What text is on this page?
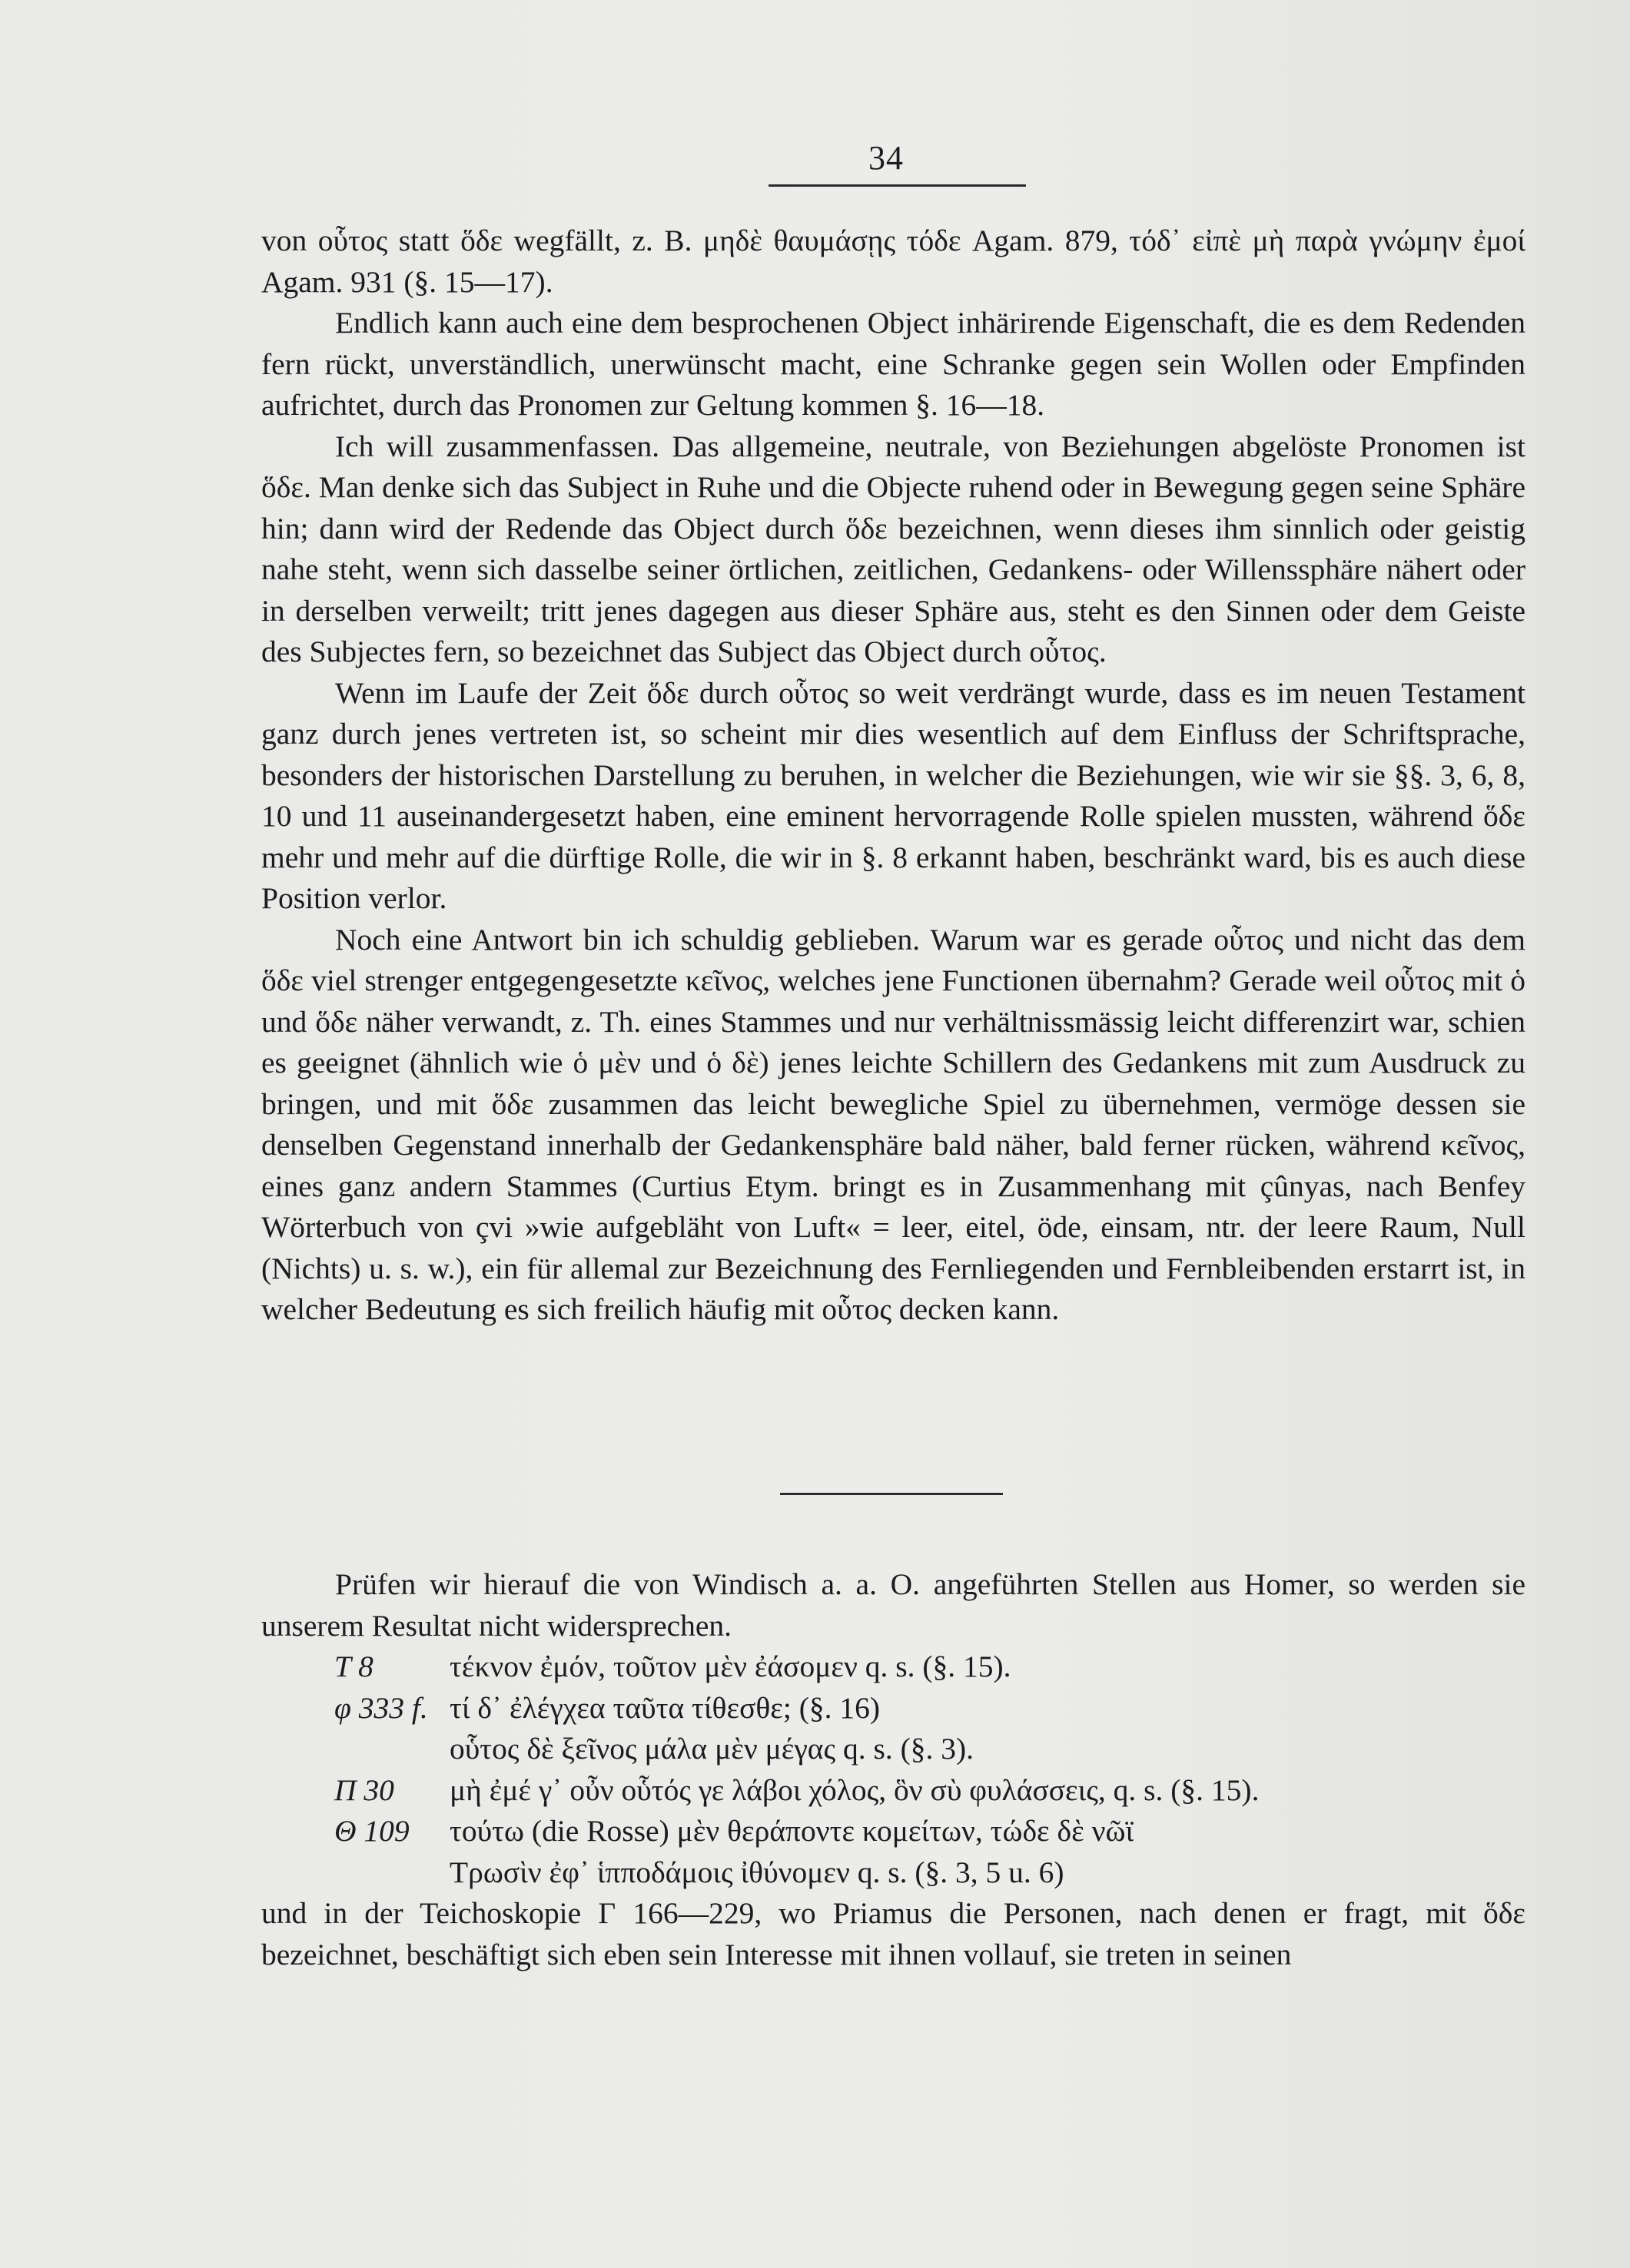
34

von οὗτος statt ὅδε wegfällt, z. B. μηδὲ θαυμάσῃς τόδε Agam. 879, τόδ᾽ εἰπὲ μὴ παρὰ γνώμην ἐμοί Agam. 931 (§. 15—17).

Endlich kann auch eine dem besprochenen Object inhärirende Eigenschaft, die es dem Redenden fern rückt, unverständlich, unerwünscht macht, eine Schranke gegen sein Wollen oder Empfinden aufrichtet, durch das Pronomen zur Geltung kommen §. 16—18.

Ich will zusammenfassen. Das allgemeine, neutrale, von Beziehungen abgelöste Pronomen ist ὅδε. Man denke sich das Subject in Ruhe und die Objecte ruhend oder in Bewegung gegen seine Sphäre hin; dann wird der Redende das Object durch ὅδε bezeichnen, wenn dieses ihm sinnlich oder geistig nahe steht, wenn sich dasselbe seiner örtlichen, zeitlichen, Gedankens- oder Willenssphäre nähert oder in derselben verweilt; tritt jenes dagegen aus dieser Sphäre aus, steht es den Sinnen oder dem Geiste des Subjectes fern, so bezeichnet das Subject das Object durch οὗτος.

Wenn im Laufe der Zeit ὅδε durch οὗτος so weit verdrängt wurde, dass es im neuen Testament ganz durch jenes vertreten ist, so scheint mir dies wesentlich auf dem Einfluss der Schriftsprache, besonders der historischen Darstellung zu beruhen, in welcher die Beziehungen, wie wir sie §§. 3, 6, 8, 10 und 11 auseinandergesetzt haben, eine eminent hervorragende Rolle spielen mussten, während ὅδε mehr und mehr auf die dürftige Rolle, die wir in §. 8 erkannt haben, beschränkt ward, bis es auch diese Position verlor.

Noch eine Antwort bin ich schuldig geblieben. Warum war es gerade οὗτος und nicht das dem ὅδε viel strenger entgegengesetzte κεῖνος, welches jene Functionen übernahm? Gerade weil οὗτος mit ὁ und ὅδε näher verwandt, z. Th. eines Stammes und nur verhältnissmässig leicht differenzirt war, schien es geeignet (ähnlich wie ὁ μὲν und ὁ δὲ) jenes leichte Schillern des Gedankens mit zum Ausdruck zu bringen, und mit ὅδε zusammen das leicht bewegliche Spiel zu übernehmen, vermöge dessen sie denselben Gegenstand innerhalb der Gedankensphäre bald näher, bald ferner rücken, während κεῖνος, eines ganz andern Stammes (Curtius Etym. bringt es in Zusammenhang mit çûnyas, nach Benfey Wörterbuch von çvi »wie aufgebläht von Luft« = leer, eitel, öde, einsam, ntr. der leere Raum, Null (Nichts) u. s. w.), ein für allemal zur Bezeichnung des Fernliegenden und Fernbleibenden erstarrt ist, in welcher Bedeutung es sich freilich häufig mit οὗτος decken kann.

Prüfen wir hierauf die von Windisch a. a. O. angeführten Stellen aus Homer, so werden sie unserem Resultat nicht widersprechen.

Τ 8	τέκνον ἐμόν, τοῦτον μὲν ἐάσομεν q. s. (§. 15).
φ 333 f. τί δ᾽ ἐλέγχεα ταῦτα τίθεσθε; (§. 16)
οὗτος δὲ ξεῖνος μάλα μὲν μέγας q. s. (§. 3).
Π 30	μὴ ἐμέ γ᾽ οὖν οὗτός γε λάβοι χόλος, ὃν σὺ φυλάσσεις, q. s. (§. 15).
Θ 109	τούτω (die Rosse) μὲν θεράποντε κομείτων, τώδε δὲ νῶϊ
Τρωσὶν ἐφ᾽ ἱπποδάμοις ἰθύνομεν q. s. (§. 3, 5 u. 6)

und in der Teichoskopie Γ 166—229, wo Priamus die Personen, nach denen er fragt, mit ὅδε bezeichnet, beschäftigt sich eben sein Interesse mit ihnen vollauf, sie treten in seinen
